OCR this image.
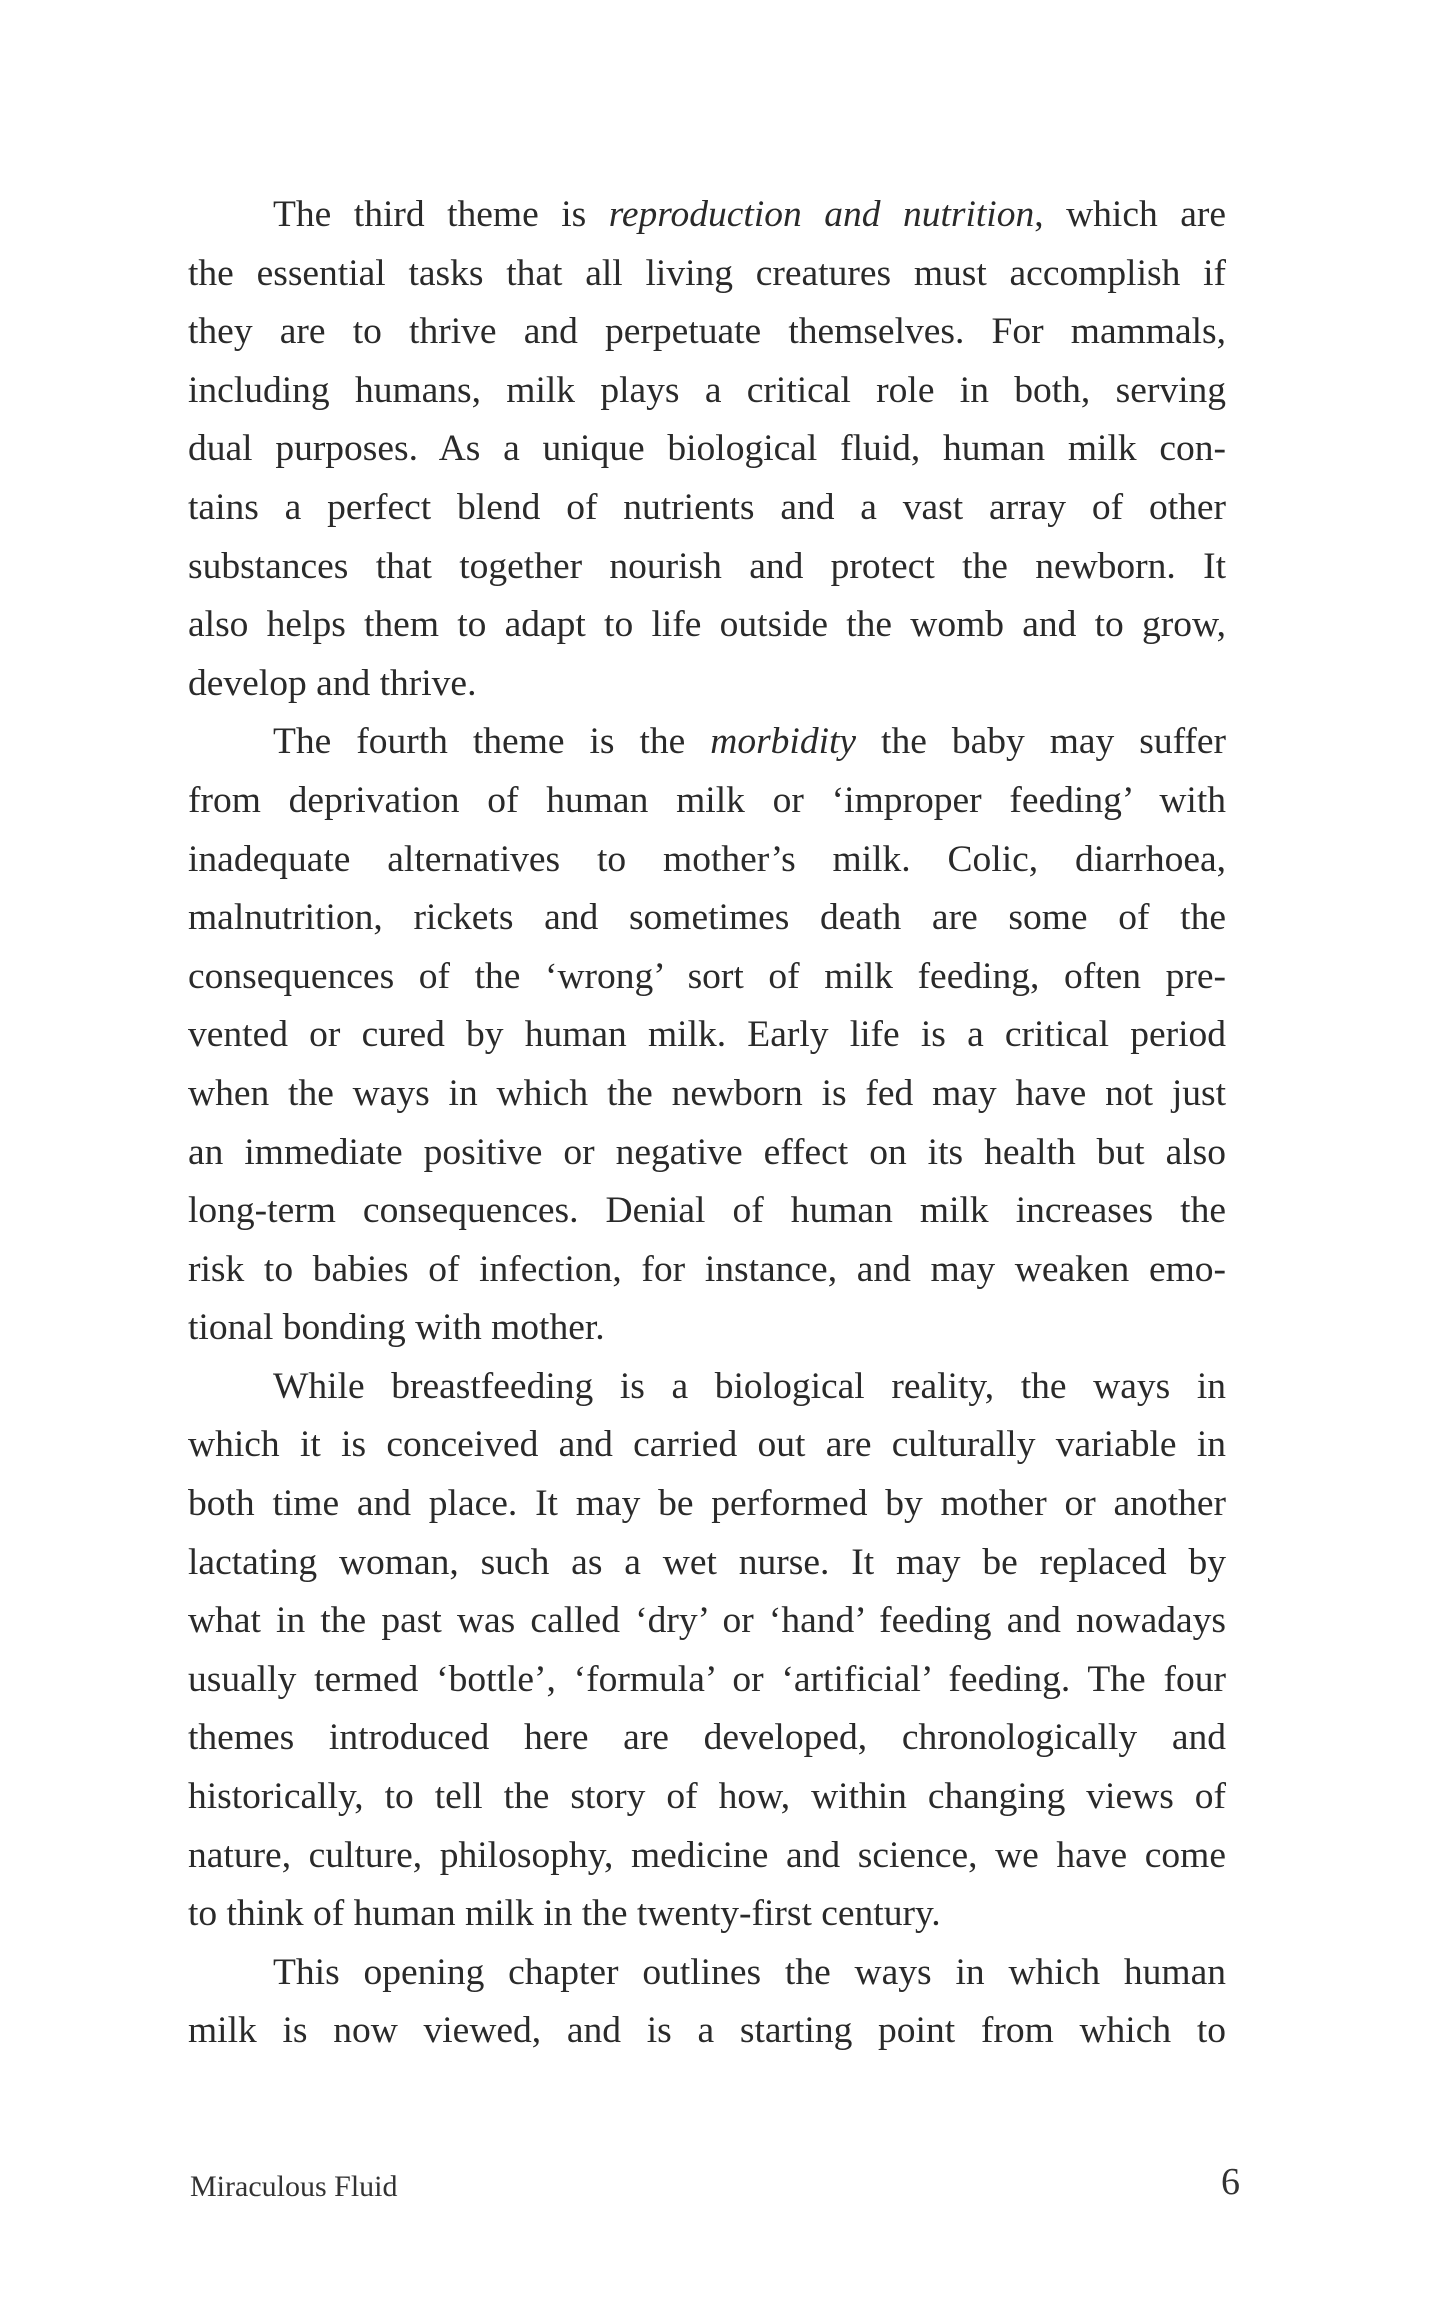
The third theme is reproduction and nutrition, which are
the essential tasks that all living creatures must accomplish if
they are to thrive and perpetuate themselves. For mammals,
including humans, milk plays a critical role in both, serving
dual purposes. As a unique biological fluid, human milk con-
tains a perfect blend of nutrients and a vast array of other
substances that together nourish and protect the newborn. It
also helps them to adapt to life outside the womb and to grow,
develop and thrive.
The fourth theme is the morbidity the baby may suffer
from deprivation of human milk or ‘improper feeding’ with
inadequate alternatives to mother’s milk. Colic, diarrhoea,
malnutrition, rickets and sometimes death are some of the
consequences of the ‘wrong’ sort of milk feeding, often pre-
vented or cured by human milk. Early life is a critical period
when the ways in which the newborn is fed may have not just
an immediate positive or negative effect on its health but also
long-term consequences. Denial of human milk increases the
risk to babies of infection, for instance, and may weaken emo-
tional bonding with mother.
While breastfeeding is a biological reality, the ways in
which it is conceived and carried out are culturally variable in
both time and place. It may be performed by mother or another
lactating woman, such as a wet nurse. It may be replaced by
what in the past was called ‘dry’ or ‘hand’ feeding and nowadays
usually termed ‘bottle’, ‘formula’ or ‘artificial’ feeding. The four
themes introduced here are developed, chronologically and
historically, to tell the story of how, within changing views of
nature, culture, philosophy, medicine and science, we have come
to think of human milk in the twenty-first century.
This opening chapter outlines the ways in which human
milk is now viewed, and is a starting point from which to
Miraculous Fluid	6
